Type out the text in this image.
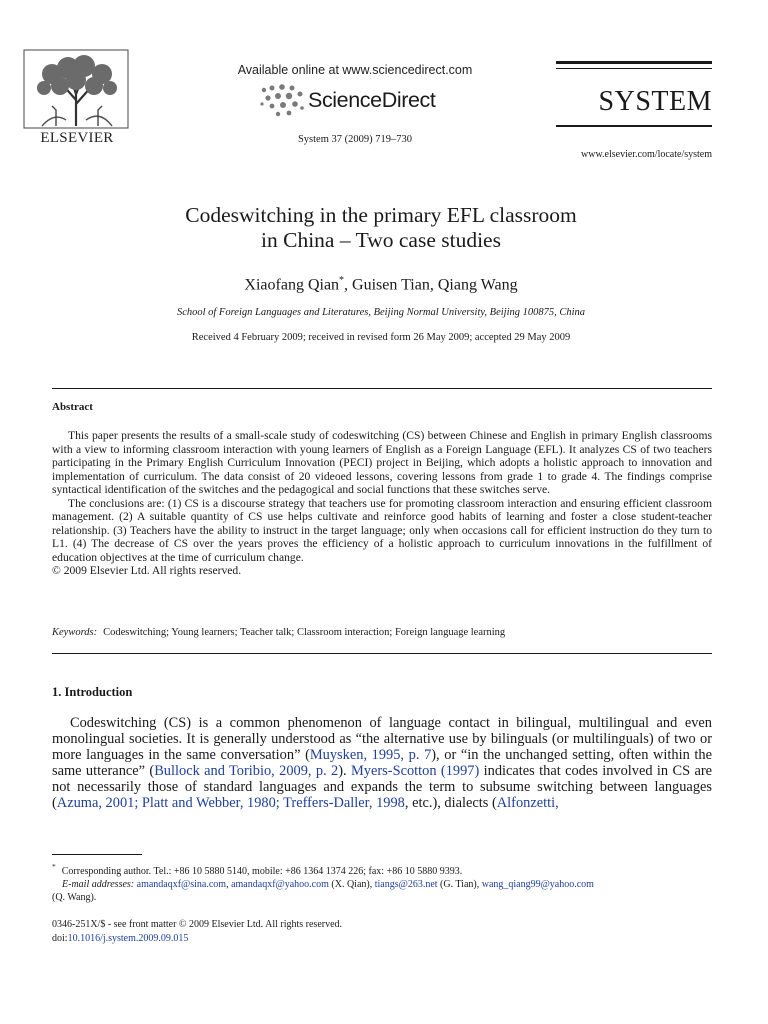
ELSEVIER
Available online at www.sciencedirect.com
ScienceDirect
System 37 (2009) 719–730
SYSTEM
www.elsevier.com/locate/system
Codeswitching in the primary EFL classroom
in China – Two case studies
Xiaofang Qian*, Guisen Tian, Qiang Wang
School of Foreign Languages and Literatures, Beijing Normal University, Beijing 100875, China
Received 4 February 2009; received in revised form 26 May 2009; accepted 29 May 2009
Abstract

This paper presents the results of a small-scale study of codeswitching (CS) between Chinese and English in primary English classrooms with a view to informing classroom interaction with young learners of English as a Foreign Language (EFL). It analyzes CS of two teachers participating in the Primary English Curriculum Innovation (PECI) project in Beijing, which adopts a holistic approach to innovation and implementation of curriculum. The data consist of 20 videoed lessons, covering lessons from grade 1 to grade 4. The findings comprise syntactical identification of the switches and the pedagogical and social functions that these switches serve.

The conclusions are: (1) CS is a discourse strategy that teachers use for promoting classroom interaction and ensuring efficient classroom management. (2) A suitable quantity of CS use helps cultivate and reinforce good habits of learning and foster a close student-teacher relationship. (3) Teachers have the ability to instruct in the target language; only when occasions call for efficient instruction do they turn to L1. (4) The decrease of CS over the years proves the efficiency of a holistic approach to curriculum innovations in the fulfillment of education objectives at the time of curriculum change.

© 2009 Elsevier Ltd. All rights reserved.
Keywords: Codeswitching; Young learners; Teacher talk; Classroom interaction; Foreign language learning
1. Introduction

Codeswitching (CS) is a common phenomenon of language contact in bilingual, multilingual and even monolingual societies. It is generally understood as “the alternative use by bilinguals (or multilinguals) of two or more languages in the same conversation” (Muysken, 1995, p. 7), or “in the unchanged setting, often within the same utterance” (Bullock and Toribio, 2009, p. 2). Myers-Scotton (1997) indicates that codes involved in CS are not necessarily those of standard languages and expands the term to subsume switching between languages (Azuma, 2001; Platt and Webber, 1980; Treffers-Daller, 1998, etc.), dialects (Alfonzetti,

* Corresponding author. Tel.: +86 10 5880 5140, mobile: +86 1364 1374 226; fax: +86 10 5880 9393.
E-mail addresses: amandaqxf@sina.com, amandaqxf@yahoo.com (X. Qian), tiangs@263.net (G. Tian), wang_qiang99@yahoo.com
(Q. Wang).
0346-251X/$ - see front matter © 2009 Elsevier Ltd. All rights reserved.
doi:10.1016/j.system.2009.09.015
